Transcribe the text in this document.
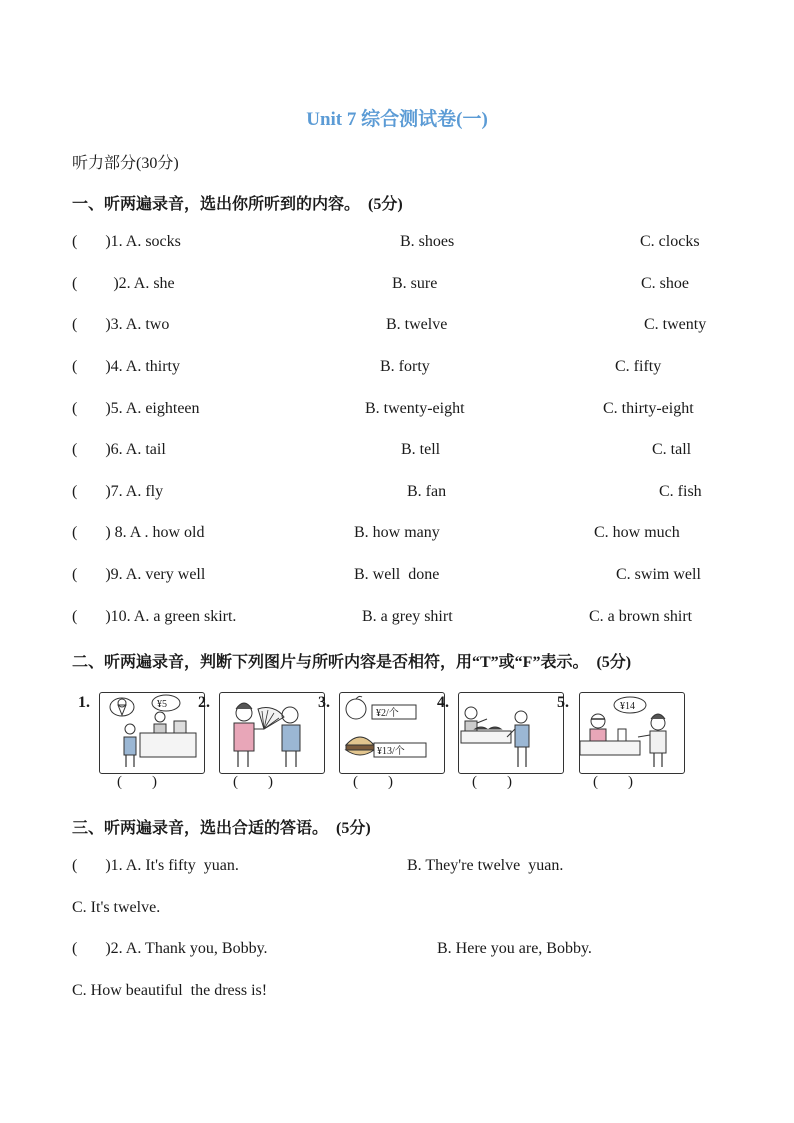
Unit 7 综合测试卷(一)
听力部分(30分)
一、听两遍录音，选出你所听到的内容。  (5分)
(       )1. A. socks	B. shoes	C. clocks
(         )2. A. she	B. sure	C. shoe
(       )3. A. two	B. twelve	C. twenty
(       )4. A. thirty	B. forty	C. fifty
(       )5. A. eighteen	B. twenty-eight	C. thirty-eight
(       )6. A. tail	B. tell	C. tall
(       )7. A. fly	B. fan	C. fish
(       ) 8. A . how old	B. how many	C. how much
(       )9. A. very well	B. well  done	C. swim well
(       )10. A. a green skirt.	B. a grey shirt	C. a brown shirt
二、听两遍录音，判断下列图片与所听内容是否相符，用“T”或“F”表示。  (5分)
1.	¥5
(        )
2.
(        )
3.
¥2/个
¥13/个
(        )
4.
(        )
5.	¥14
(        )
三、听两遍录音，选出合适的答语。  (5分)
(       )1. A. It's fifty  yuan.	B. They're twelve  yuan.
C. It's twelve.
(       )2. A. Thank you, Bobby.	B. Here you are, Bobby.
C. How beautiful  the dress is!
